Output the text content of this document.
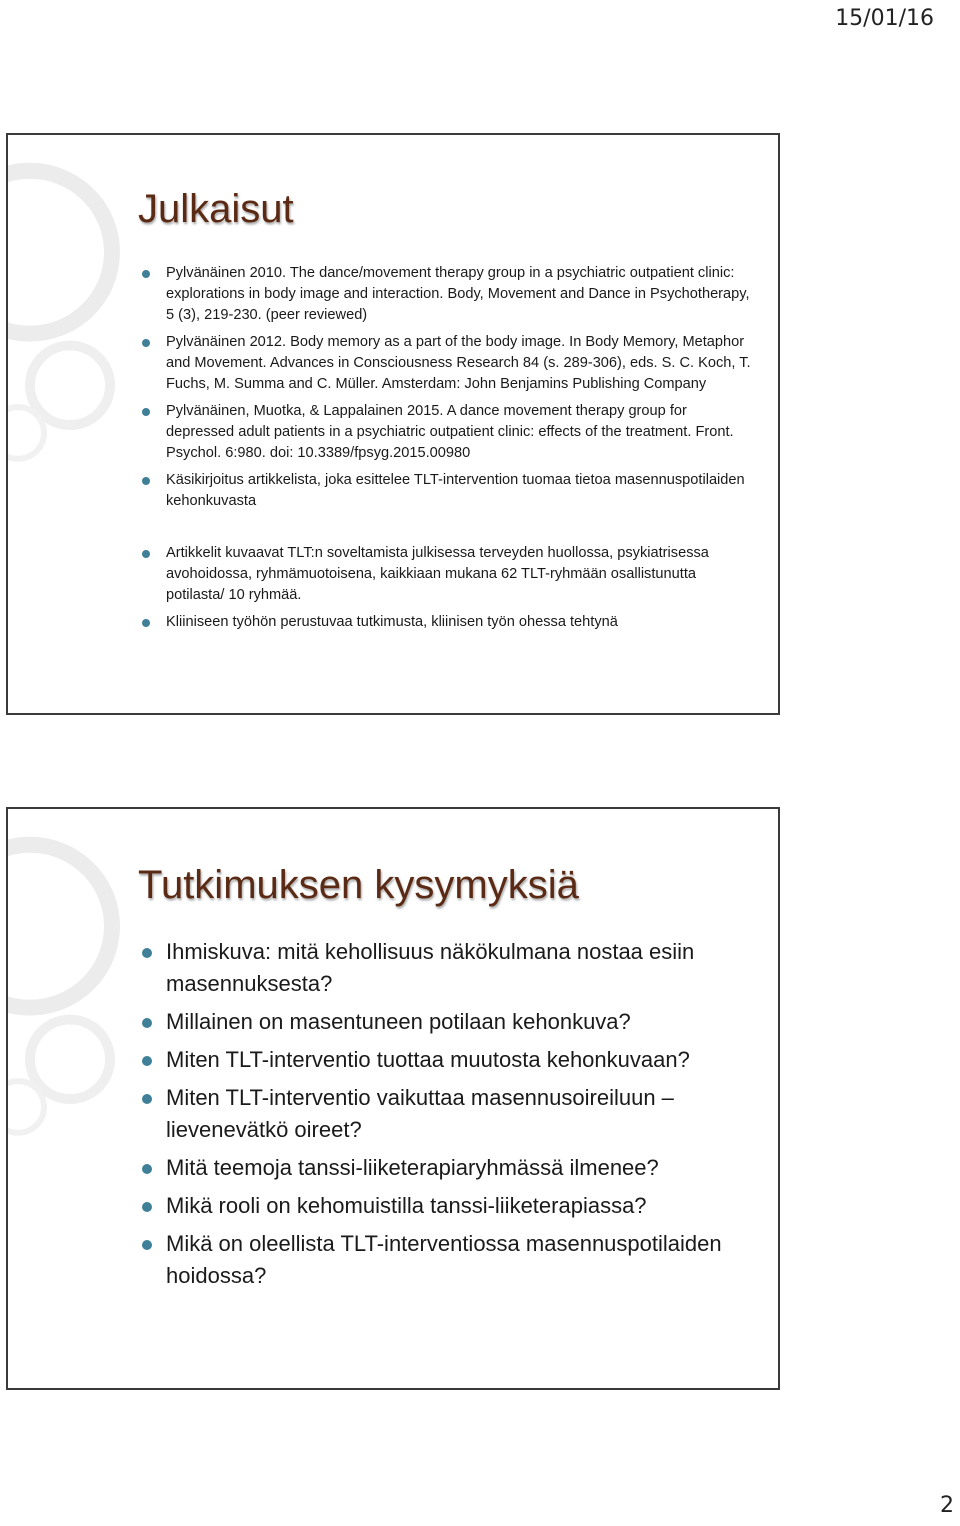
15/01/16
Julkaisut
Pylvänäinen 2010. The dance/movement therapy group in a psychiatric outpatient clinic: explorations in body image and interaction. Body, Movement and Dance in Psychotherapy, 5 (3), 219-230. (peer reviewed)
Pylvänäinen 2012. Body memory as a part of the body image. In Body Memory, Metaphor and Movement. Advances in Consciousness Research 84 (s. 289-306), eds. S. C. Koch, T. Fuchs, M. Summa and C. Müller. Amsterdam: John Benjamins Publishing Company
Pylvänäinen, Muotka, & Lappalainen 2015. A dance movement therapy group for depressed adult patients in a psychiatric outpatient clinic: effects of the treatment. Front. Psychol. 6:980. doi: 10.3389/fpsyg.2015.00980
Käsikirjoitus artikkelista, joka esittelee TLT-intervention tuomaa tietoa masennuspotilaiden kehonkuvasta
Artikkelit kuvaavat TLT:n soveltamista julkisessa terveyden huollossa, psykiatrisessa avohoidossa, ryhmämuotoisena, kaikkiaan mukana 62 TLT-ryhmään osallistunutta potilasta/ 10 ryhmää.
Kliiniseen työhön perustuvaa tutkimusta, kliinisen työn ohessa tehtynä
Tutkimuksen kysymyksiä
Ihmiskuva: mitä kehollisuus näkökulmana nostaa esiin masennuksesta?
Millainen on masentuneen potilaan kehonkuva?
Miten TLT-interventio tuottaa muutosta kehonkuvaan?
Miten TLT-interventio vaikuttaa masennusoireiluun – lievenevätkö oireet?
Mitä teemoja tanssi-liiketerapiaryhmässä ilmenee?
Mikä rooli on kehomuistilla tanssi-liiketerapiassa?
Mikä on oleellista TLT-interventiossa masennuspotilaiden hoidossa?
2
